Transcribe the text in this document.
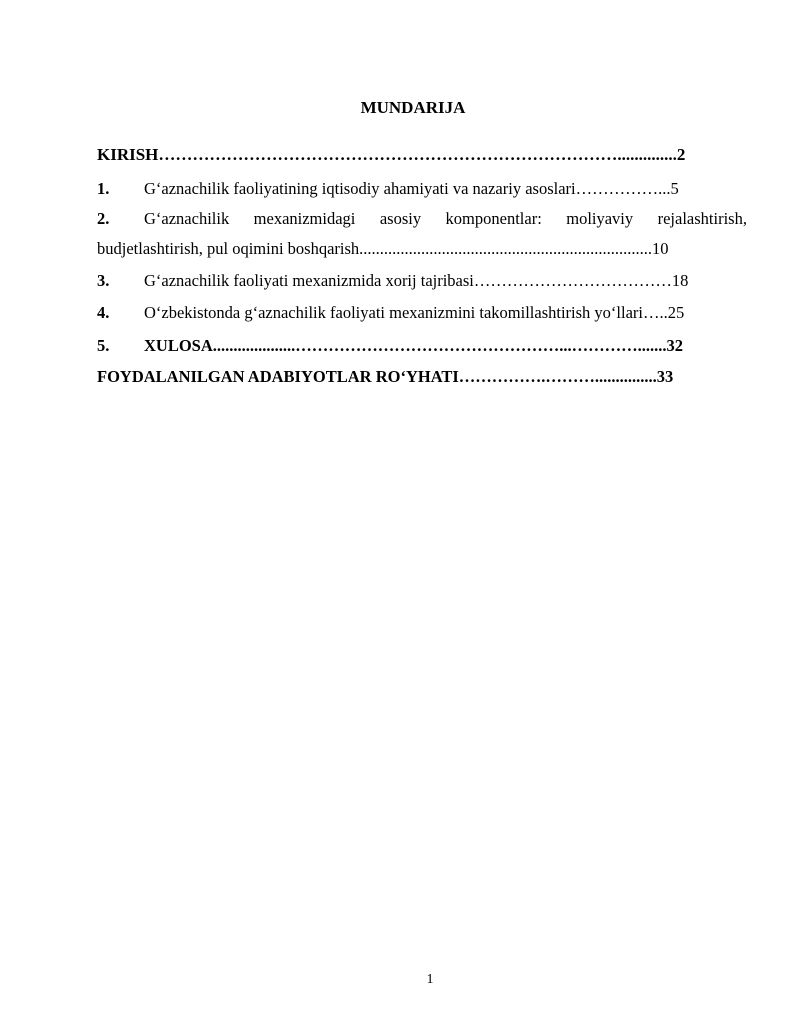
MUNDARIJA
KIRISH………………………………………………………………………..............2
1.	G‘aznachilik faoliyatining iqtisodiy ahamiyati va nazariy asoslari……………...5
2.	G‘aznachilik mexanizmidagi asosiy komponentlar: moliyaviy rejalashtirish,
budjetlashtirish, pul oqimini boshqarish.......................................................................10
3.	G‘aznachilik faoliyati mexanizmida xorij tajribasi………………………………18
4.	O‘zbekistonda g‘aznachilik faoliyati mexanizmini takomillashtirish yo‘llari…..25
5.	XULOSA....................…………………………………………...………….......32
FOYDALANILGAN ADABIYOTLAR RO‘YHATI…………….………...............33
1
